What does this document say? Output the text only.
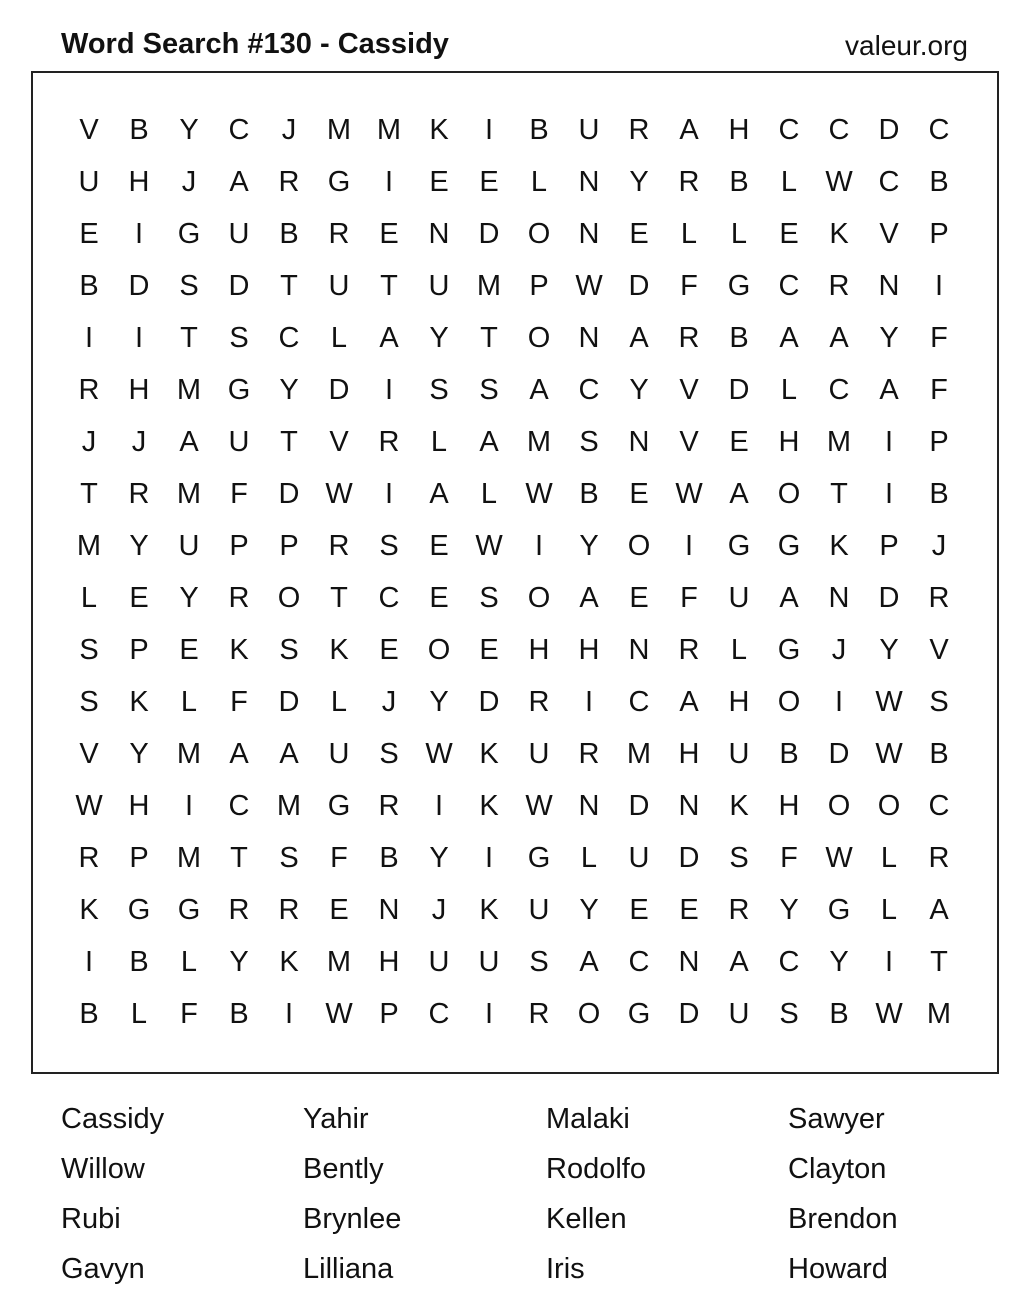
Word Search #130 - Cassidy	valeur.org
V	B	Y	C	J	M M K	I	B	U	R	A	H	C	C	D	C
U	H	J	A	R G	I	E	E	L	N	Y	R	B	L W C	B
E	I	G U	B	R	E	N	D O N	E	L	L	E	K	V	P
B	D	S	D	T	U	T	U M P W D	F	G C	R	N	I
I	I	T	S	C	L	A	Y	T	O N	A	R	B	A	A	Y	F
R	H M G	Y	D	I	S	S	A	C	Y	V	D	L	C	A	F
J	J	A	U	T	V	R	L	A M S	N	V	E	H M	I	P
T	R M	F	D W	I	A	L W B	E W A	O	T	I	B
M Y	U	P	P	R	S	E W	I	Y	O	I	G G	K	P	J
L	E	Y	R O	T	C	E	S	O	A	E	F	U	A	N	D	R
S	P	E	K	S	K	E	O	E	H	H	N	R	L	G	J	Y	V
S	K	L	F	D	L	J	Y	D	R	I	C	A	H O	I	W S
V	Y M A	A	U	S W K	U	R M H	U	B	D W B
W H	I	C M G R	I	K W N	D	N	K	H O O C
R	P M	T	S	F	B	Y	I	G	L	U	D	S	F W L	R
K	G G R	R	E	N	J	K	U	Y	E	E	R	Y	G	L	A
I	B	L	Y	K M H	U	U	S	A	C	N	A	C	Y	I	T
B	L	F	B	I	W P	C	I	R O G D	U	S	B W M
Cassidy	Yahir	Malaki	Sawyer
Willow	Bently	Rodolfo	Clayton
Rubi	Brynlee	Kellen	Brendon
Gavyn	Lilliana	Iris	Howard
